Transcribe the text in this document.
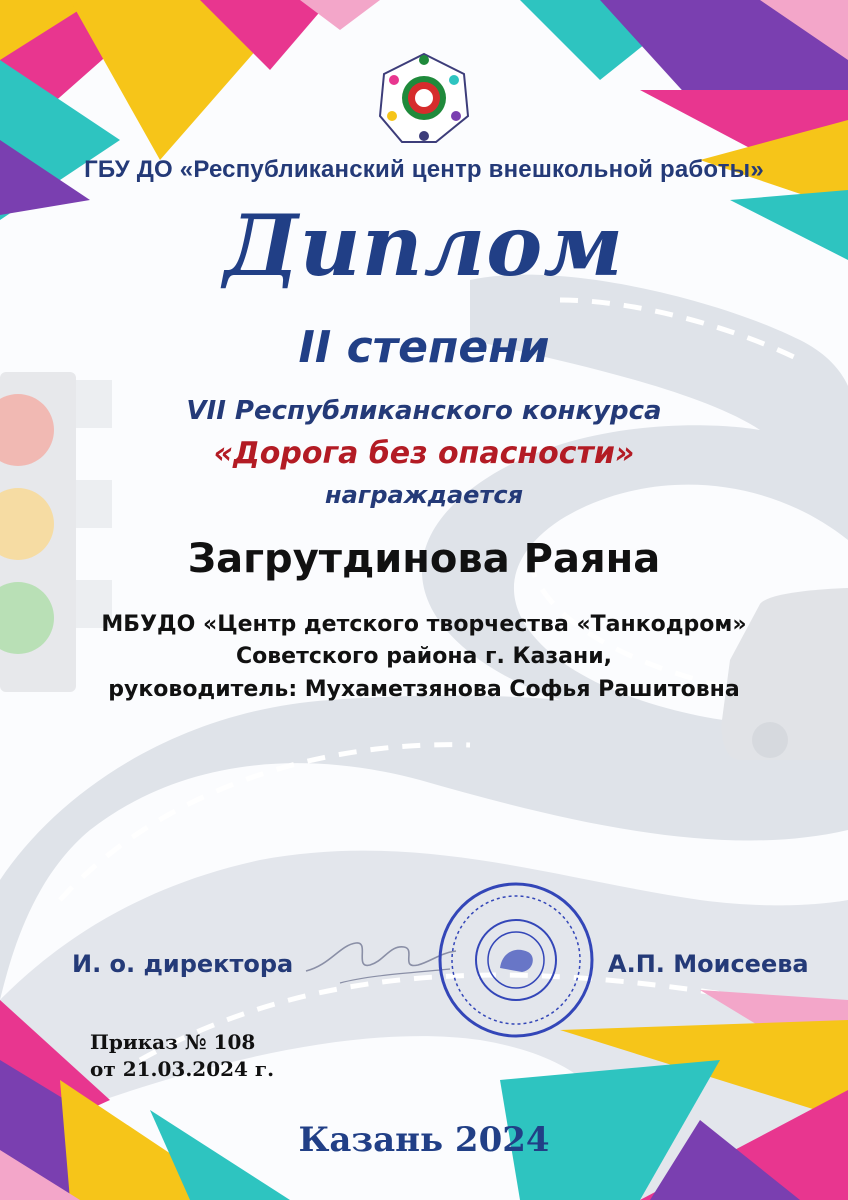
ГБУ ДО «Республиканский центр внешкольной работы»
Диплом
II степени
VII Республиканского конкурса
«Дорога без опасности»
награждается
Загрутдинова Раяна
МБУДО «Центр детского творчества «Танкодром»
Советского района г. Казани,
руководитель: Мухаметзянова Софья Рашитовна
И. о. директора	А.П. Моисеева
Приказ № 108
от 21.03.2024 г.
Казань 2024
